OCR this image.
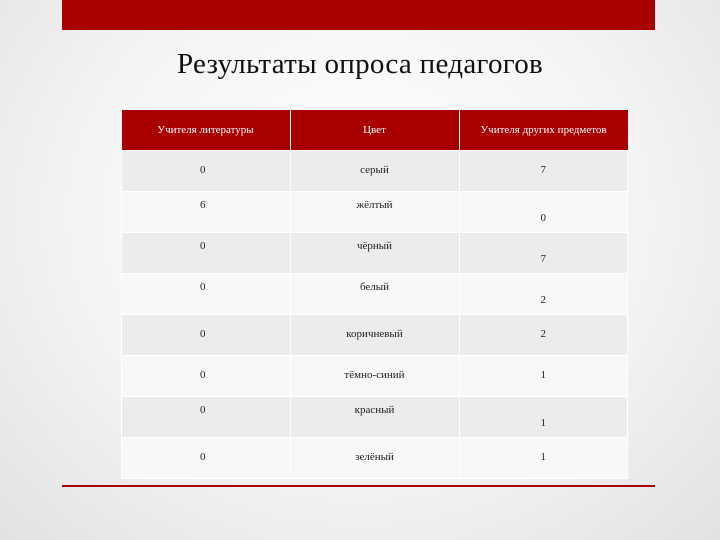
Результаты опроса педагогов
Учителя литературы	Цвет	Учителя других предметов

0	серый	7

6	жёлтый	0

0	чёрный	7

0	белый	2

0	коричневый	2

0	тёмно-синий	1

0	красный	1

0	зелёный	1
